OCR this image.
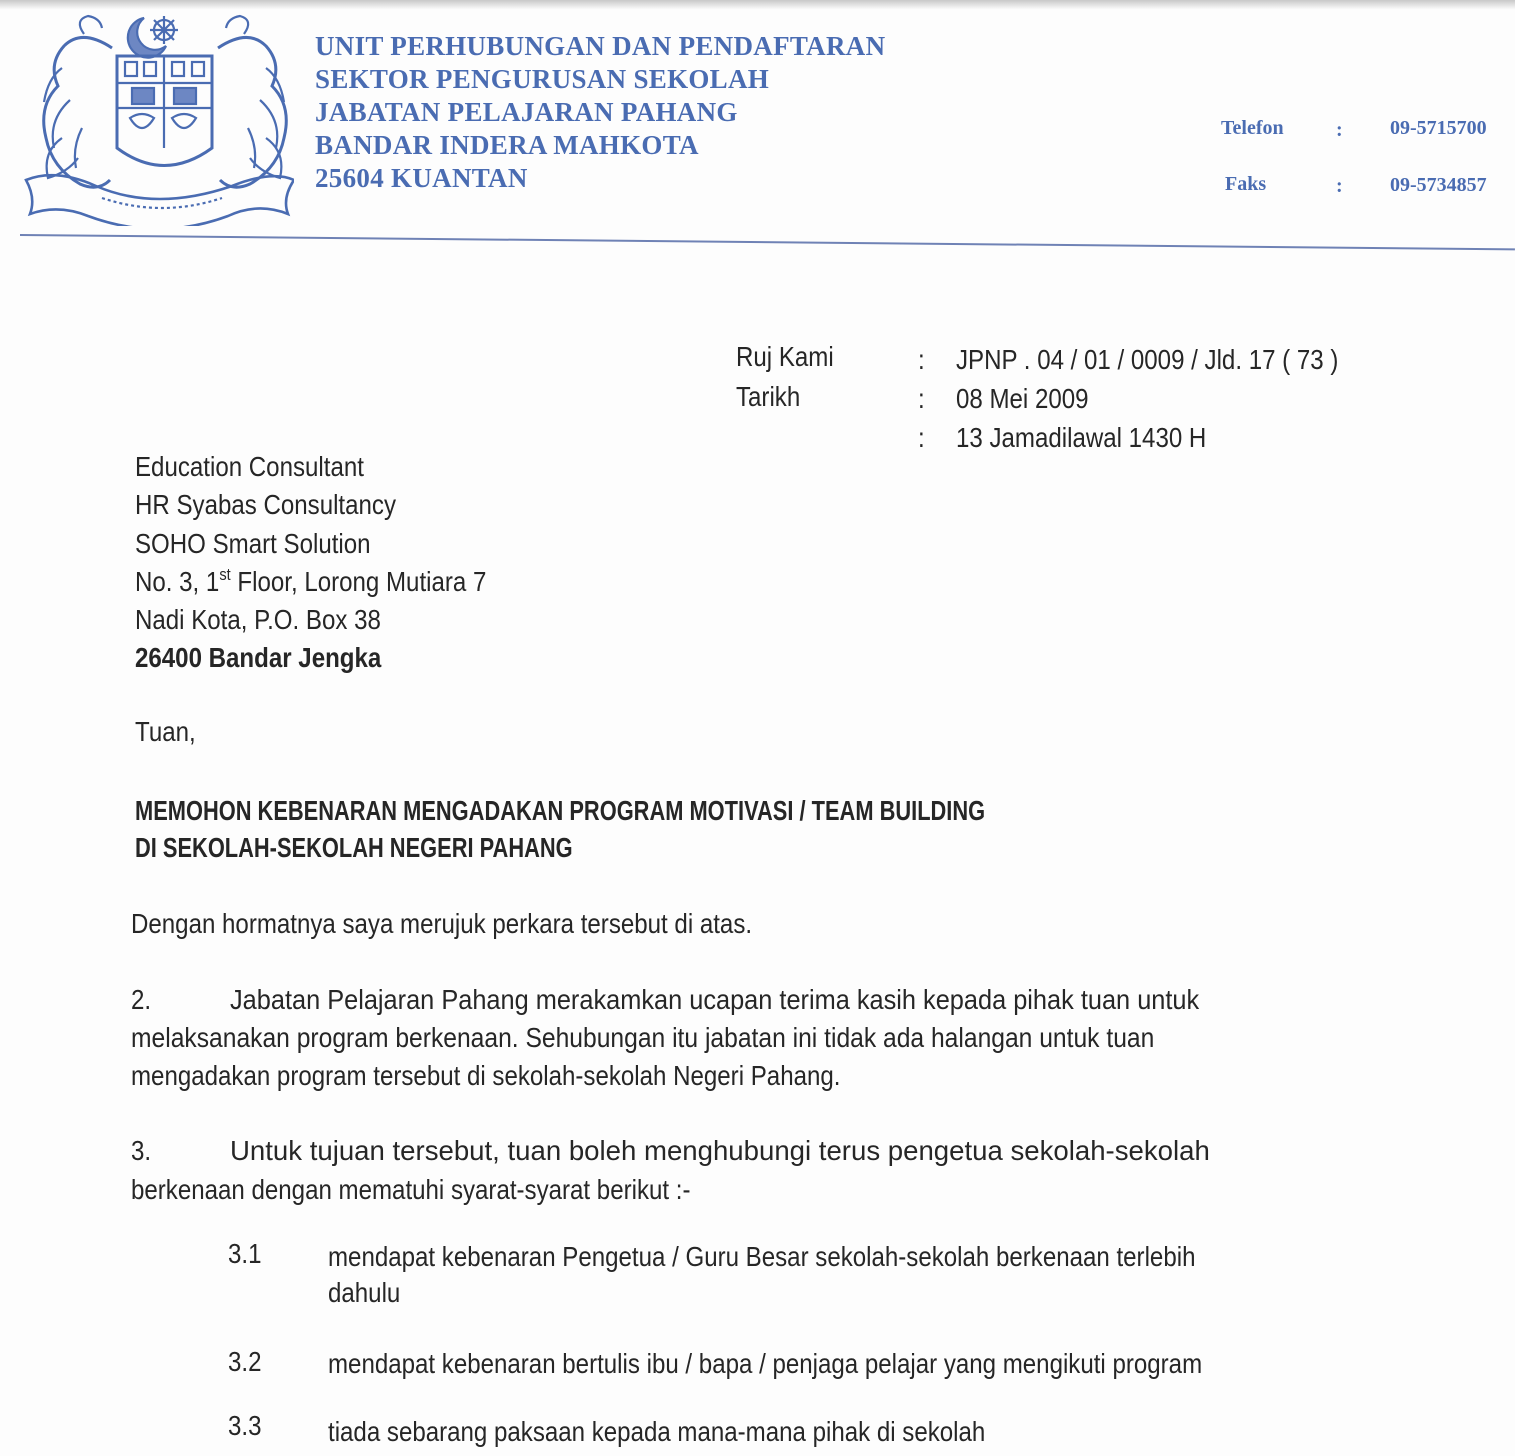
UNIT PERHUBUNGAN DAN PENDAFTARAN
SEKTOR PENGURUSAN SEKOLAH
JABATAN PELAJARAN PAHANG
BANDAR INDERA MAHKOTA
25604 KUANTAN
Telefon	: 09-5715700
Faks	: 09-5734857
Ruj Kami	: JPNP . 04 / 01 / 0009 / Jld. 17 ( 73 )
Tarikh	: 08 Mei 2009
: 13 Jamadilawal 1430 H
Education Consultant
HR Syabas Consultancy
SOHO Smart Solution
No. 3, 1st Floor, Lorong Mutiara 7
Nadi Kota, P.O. Box 38
26400 Bandar Jengka
Tuan,
MEMOHON KEBENARAN MENGADAKAN PROGRAM MOTIVASI / TEAM BUILDING
DI SEKOLAH-SEKOLAH NEGERI PAHANG
Dengan hormatnya saya merujuk perkara tersebut di atas.
2.	Jabatan Pelajaran Pahang merakamkan ucapan terima kasih kepada pihak tuan untuk
melaksanakan program berkenaan. Sehubungan itu jabatan ini tidak ada halangan untuk tuan
mengadakan program tersebut di sekolah-sekolah Negeri Pahang.
3.	Untuk tujuan tersebut, tuan boleh menghubungi terus pengetua sekolah-sekolah
berkenaan dengan mematuhi syarat-syarat berikut :-
3.1 mendapat kebenaran Pengetua / Guru Besar sekolah-sekolah berkenaan terlebih
dahulu
3.2 mendapat kebenaran bertulis ibu / bapa / penjaga pelajar yang mengikuti program
3.3 tiada sebarang paksaan kepada mana-mana pihak di sekolah
